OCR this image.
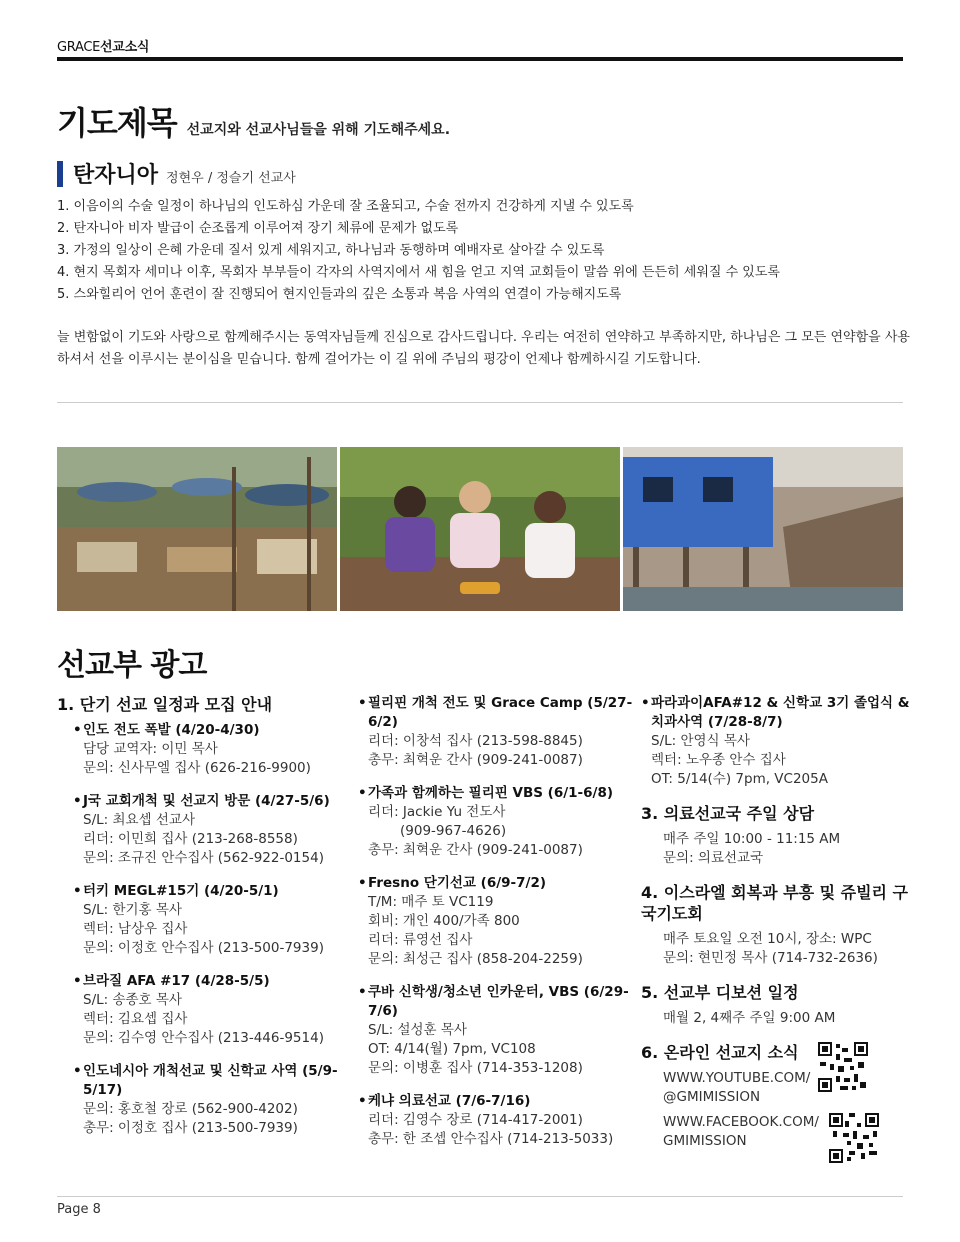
GRACE선교소식
기도제목 선교지와 선교사님들을 위해 기도해주세요.
탄자니아 정현우 / 정슬기 선교사
1. 이음이의 수술 일정이 하나님의 인도하심 가운데 잘 조율되고, 수술 전까지 건강하게 지낼 수 있도록
2. 탄자니아 비자 발급이 순조롭게 이루어져 장기 체류에 문제가 없도록
3. 가정의 일상이 은혜 가운데 질서 있게 세워지고, 하나님과 동행하며 예배자로 살아갈 수 있도록
4. 현지 목회자 세미나 이후, 목회자 부부들이 각자의 사역지에서 새 힘을 얻고 지역 교회들이 말씀 위에 든든히 세워질 수 있도록
5. 스와힐리어 언어 훈련이 잘 진행되어 현지인들과의 깊은 소통과 복음 사역의 연결이 가능해지도록
늘 변함없이 기도와 사랑으로 함께해주시는 동역자님들께 진심으로 감사드립니다. 우리는 여전히 연약하고 부족하지만, 하나님은 그 모든 연약함을 사용하셔서 선을 이루시는 분이심을 믿습니다. 함께 걸어가는 이 길 위에 주님의 평강이 언제나 함께하시길 기도합니다.
선교부 광고
1. 단기 선교 일정과 모집 안내
• 인도 전도 폭발 (4/20-4/30)
담당 교역자: 이민 목사
문의: 신사무엘 집사 (626-216-9900)
• J국 교회개척 및 선교지 방문 (4/27-5/6)
S/L: 최요셉 선교사
리더: 이민희 집사 (213-268-8558)
문의: 조규진 안수집사 (562-922-0154)
• 터키 MEGL#15기 (4/20-5/1)
S/L: 한기홍 목사
렉터: 남상우 집사
문의: 이정호 안수집사 (213-500-7939)
• 브라질 AFA #17 (4/28-5/5)
S/L: 송종호 목사
렉터: 김요셉 집사
문의: 김수영 안수집사 (213-446-9514)
• 인도네시아 개척선교 및 신학교 사역 (5/9-5/17)
문의: 홍호철 장로 (562-900-4202)
총무: 이정호 집사 (213-500-7939)
• 필리핀 개척 전도 및 Grace Camp (5/27-6/2)
리더: 이창석 집사 (213-598-8845)
총무: 최혁운 간사 (909-241-0087)
• 가족과 함께하는 필리핀 VBS (6/1-6/8)
리더: Jackie Yu 전도사
(909-967-4626)
총무: 최혁운 간사 (909-241-0087)
• Fresno 단기선교 (6/9-7/2)
T/M: 매주 토 VC119
회비: 개인 400/가족 800
리더: 류영선 집사
문의: 최성근 집사 (858-204-2259)
• 쿠바 신학생/청소년 인카운터, VBS (6/29-7/6)
S/L: 설성훈 목사
OT: 4/14(월) 7pm, VC108
문의: 이병훈 집사 (714-353-1208)
• 케냐 의료선교 (7/6-7/16)
리더: 김영수 장로 (714-417-2001)
총무: 한 조셉 안수집사 (714-213-5033)
• 파라과이AFA#12 & 신학교 3기 졸업식 & 치과사역 (7/28-8/7)
S/L: 안영식 목사
렉터: 노우종 안수 집사
OT: 5/14(수) 7pm, VC205A
3. 의료선교국 주일 상담
매주 주일 10:00 - 11:15 AM
문의: 의료선교국
4. 이스라엘 회복과 부흥 및 쥬빌리 구국기도회
매주 토요일 오전 10시, 장소: WPC
문의: 현민정 목사 (714-732-2636)
5. 선교부 디보션 일정
매월 2, 4째주 주일 9:00 AM
6. 온라인 선교지 소식
WWW.YOUTUBE.COM/
@GMIMISSION
WWW.FACEBOOK.COM/
GMIMISSION
Page 8
